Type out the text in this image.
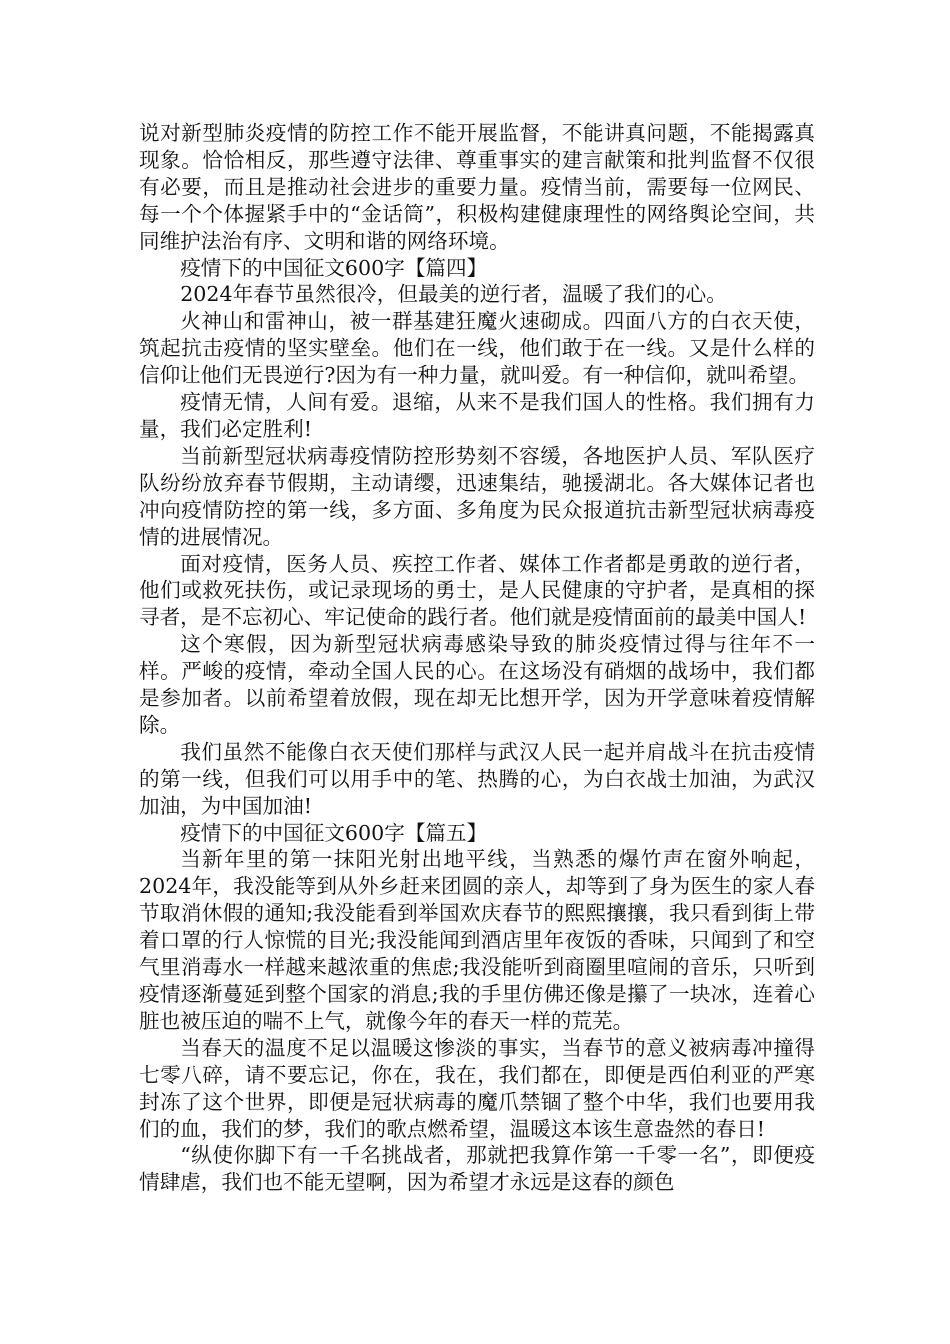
说对新型肺炎疫情的防控工作不能开展监督，不能讲真问题，不能揭露真现象。恰恰相反，那些遵守法律、尊重事实的建言献策和批判监督不仅很有必要，而且是推动社会进步的重要力量。疫情当前，需要每一位网民、每一个个体握紧手中的“金话筒”，积极构建健康理性的网络舆论空间，共同维护法治有序、文明和谐的网络环境。

疫情下的中国征文600字【篇四】

2024年春节虽然很冷，但最美的逆行者，温暖了我们的心。

火神山和雷神山，被一群基建狂魔火速砌成。四面八方的白衣天使，筑起抗击疫情的坚实壁垒。他们在一线，他们敢于在一线。又是什么样的信仰让他们无畏逆行?因为有一种力量，就叫爱。有一种信仰，就叫希望。

疫情无情，人间有爱。退缩，从来不是我们国人的性格。我们拥有力量，我们必定胜利!

当前新型冠状病毒疫情防控形势刻不容缓，各地医护人员、军队医疗队纷纷放弃春节假期，主动请缨，迅速集结，驰援湖北。各大媒体记者也冲向疫情防控的第一线，多方面、多角度为民众报道抗击新型冠状病毒疫情的进展情况。

面对疫情，医务人员、疾控工作者、媒体工作者都是勇敢的逆行者，他们或救死扶伤，或记录现场的勇士，是人民健康的守护者，是真相的探寻者，是不忘初心、牢记使命的践行者。他们就是疫情面前的最美中国人!

这个寒假，因为新型冠状病毒感染导致的肺炎疫情过得与往年不一样。严峻的疫情，牵动全国人民的心。在这场没有硝烟的战场中，我们都是参加者。以前希望着放假，现在却无比想开学，因为开学意味着疫情解除。

我们虽然不能像白衣天使们那样与武汉人民一起并肩战斗在抗击疫情的第一线，但我们可以用手中的笔、热腾的心，为白衣战士加油，为武汉加油，为中国加油!

疫情下的中国征文600字【篇五】

当新年里的第一抹阳光射出地平线，当熟悉的爆竹声在窗外响起，2024年，我没能等到从外乡赶来团圆的亲人，却等到了身为医生的家人春节取消休假的通知;我没能看到举国欢庆春节的熙熙攘攘，我只看到街上带着口罩的行人惊慌的目光;我没能闻到酒店里年夜饭的香味，只闻到了和空气里消毒水一样越来越浓重的焦虑;我没能听到商圈里喧闹的音乐，只听到疫情逐渐蔓延到整个国家的消息;我的手里仿佛还像是攥了一块冰，连着心脏也被压迫的喘不上气，就像今年的春天一样的荒芜。

当春天的温度不足以温暖这惨淡的事实，当春节的意义被病毒冲撞得七零八碎，请不要忘记，你在，我在，我们都在，即便是西伯利亚的严寒封冻了这个世界，即便是冠状病毒的魔爪禁锢了整个中华，我们也要用我们的血，我们的梦，我们的歌点燃希望，温暖这本该生意盎然的春日!

“纵使你脚下有一千名挑战者，那就把我算作第一千零一名”，即便疫情肆虐，我们也不能无望啊，因为希望才永远是这春的颜色
